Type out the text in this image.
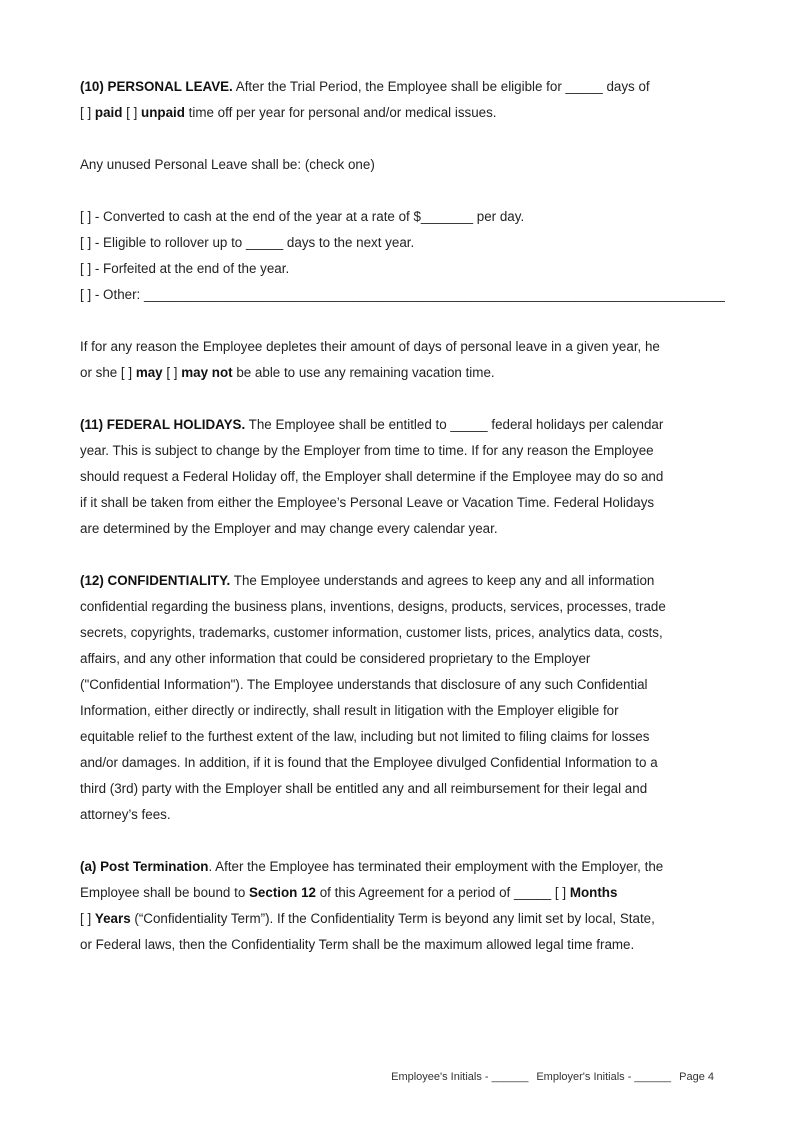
(10) PERSONAL LEAVE. After the Trial Period, the Employee shall be eligible for _____ days of
[ ] paid [ ] unpaid time off per year for personal and/or medical issues.

Any unused Personal Leave shall be: (check one)

[ ] - Converted to cash at the end of the year at a rate of $_______ per day.
[ ] - Eligible to rollover up to _____ days to the next year.
[ ] - Forfeited at the end of the year.
[ ] - Other: ______________________________________________________________________________

If for any reason the Employee depletes their amount of days of personal leave in a given year, he
or she [ ] may [ ] may not be able to use any remaining vacation time.

(11) FEDERAL HOLIDAYS. The Employee shall be entitled to _____ federal holidays per calendar
year. This is subject to change by the Employer from time to time. If for any reason the Employee
should request a Federal Holiday off, the Employer shall determine if the Employee may do so and
if it shall be taken from either the Employee’s Personal Leave or Vacation Time. Federal Holidays
are determined by the Employer and may change every calendar year.

(12) CONFIDENTIALITY. The Employee understands and agrees to keep any and all information
confidential regarding the business plans, inventions, designs, products, services, processes, trade
secrets, copyrights, trademarks, customer information, customer lists, prices, analytics data, costs,
affairs, and any other information that could be considered proprietary to the Employer
("Confidential Information"). The Employee understands that disclosure of any such Confidential
Information, either directly or indirectly, shall result in litigation with the Employer eligible for
equitable relief to the furthest extent of the law, including but not limited to filing claims for losses
and/or damages. In addition, if it is found that the Employee divulged Confidential Information to a
third (3rd) party with the Employer shall be entitled any and all reimbursement for their legal and
attorney’s fees.

(a) Post Termination. After the Employee has terminated their employment with the Employer, the
Employee shall be bound to Section 12 of this Agreement for a period of _____ [ ] Months
[ ] Years (“Confidentiality Term”). If the Confidentiality Term is beyond any limit set by local, State,
or Federal laws, then the Confidentiality Term shall be the maximum allowed legal time frame.

Employee's Initials - ______ Employer's Initials - ______ Page 4
